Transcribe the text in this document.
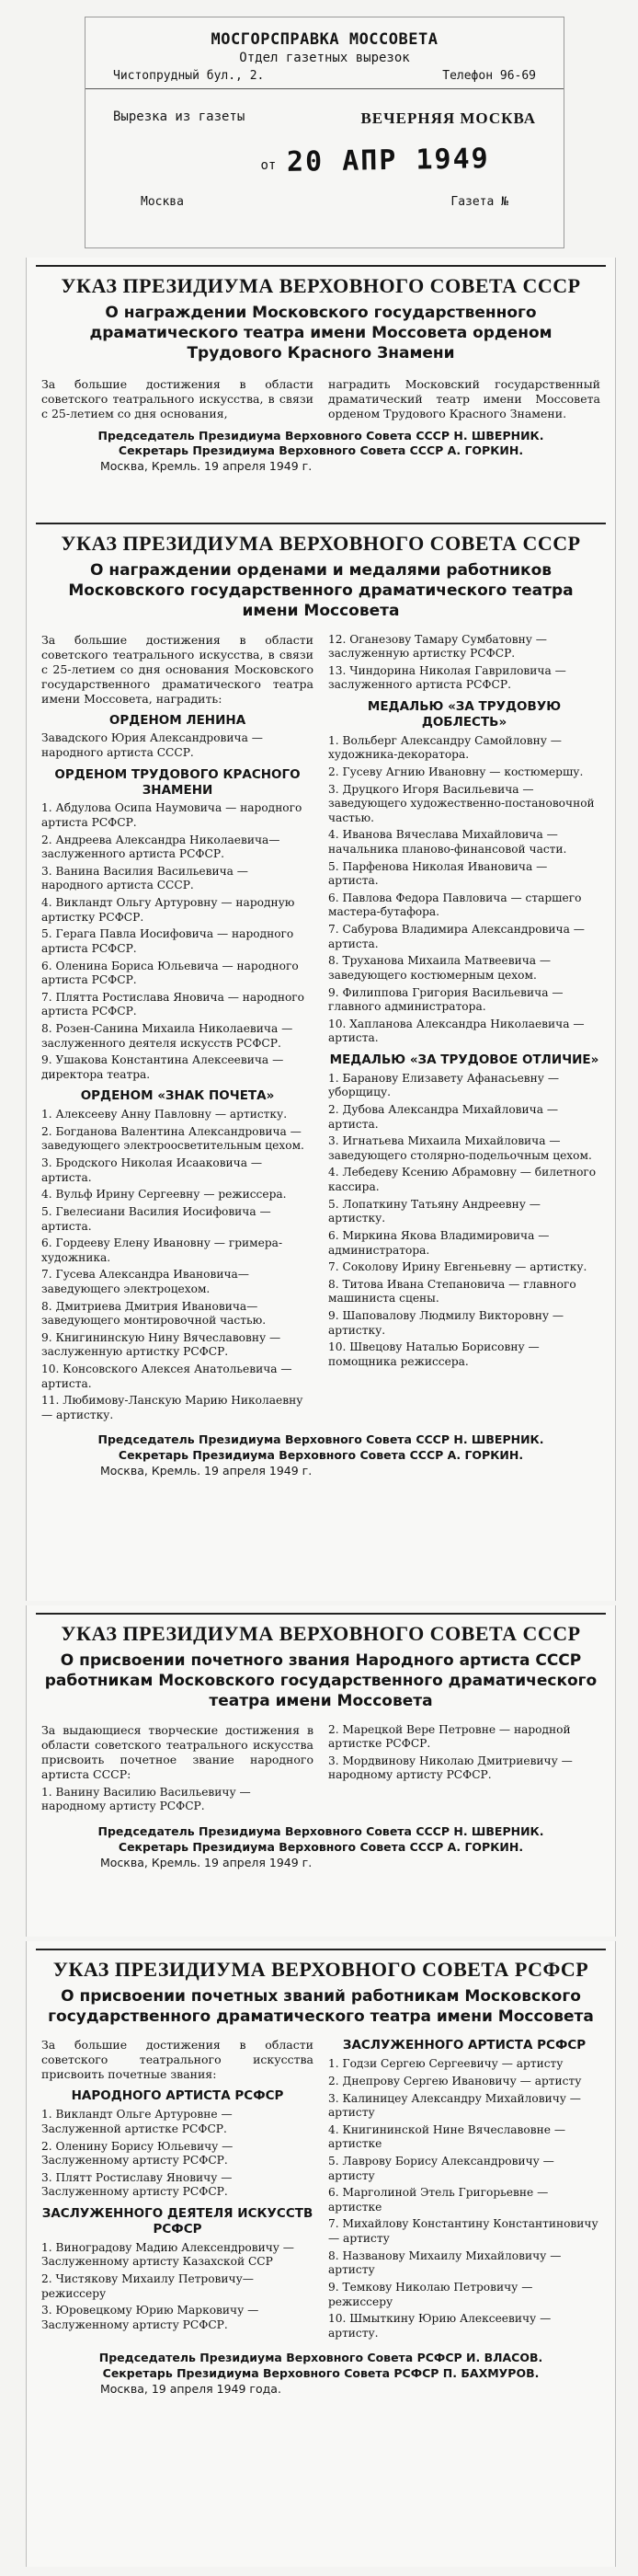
МОСГОРСПРАВКА МОССОВЕТА
Отдел газетных вырезок
Чистопрудный бул., 2.	Телефон 96-69
Вырезка из газеты	ВЕЧЕРНЯЯ МОСКВА
от 20 АПР 1949
Москва	Газета №
УКАЗ ПРЕЗИДИУМА ВЕРХОВНОГО СОВЕТА СССР
О награждении Московского государственного драматического театра имени Моссовета орденом Трудового Красного Знамени
За большие достижения в области советского театрального искусства, в связи с 25-летием со дня основания,
наградить Московский государственный драматический театр имени Моссовета орденом Трудового Красного Знамени.
Председатель Президиума Верховного Совета СССР Н. ШВЕРНИК.
Секретарь Президиума Верховного Совета СССР А. ГОРКИН.
Москва, Кремль. 19 апреля 1949 г.
УКАЗ ПРЕЗИДИУМА ВЕРХОВНОГО СОВЕТА СССР
О награждении орденами и медалями работников Московского государственного драматического театра имени Моссовета
За большие достижения в области советского театрального искусства, в связи с 25-летием со дня основания Московского государственного драматического театра имени Моссовета, наградить:
ОРДЕНОМ ЛЕНИНА
Завадского Юрия Александровича — народного артиста СССР.
ОРДЕНОМ ТРУДОВОГО КРАСНОГО ЗНАМЕНИ
1. Абдулова Осипа Наумовича — народного артиста РСФСР.
2. Андреева Александра Николаевича—заслуженного артиста РСФСР.
3. Ванина Василия Васильевича — народного артиста СССР.
4. Викландт Ольгу Артуровну — народную артистку РСФСР.
5. Герага Павла Иосифовича — народного артиста РСФСР.
6. Оленина Бориса Юльевича — народного артиста РСФСР.
7. Плятта Ростислава Яновича — народного артиста РСФСР.
8. Розен-Санина Михаила Николаевича — заслуженного деятеля искусств РСФСР.
9. Ушакова Константина Алексеевича — директора театра.
ОРДЕНОМ «ЗНАК ПОЧЕТА»
1. Алексееву Анну Павловну — артистку.
2. Богданова Валентина Александровича — заведующего электроосветительным цехом.
3. Бродского Николая Исааковича — артиста.
4. Вульф Ирину Сергеевну — режиссера.
5. Гвелесиани Василия Иосифовича — артиста.
6. Гордееву Елену Ивановну — гримера-художника.
7. Гусева Александра Ивановича—заведующего электроцехом.
8. Дмитриева Дмитрия Ивановича—заведующего монтировочной частью.
9. Книгининскую Нину Вячеславовну — заслуженную артистку РСФСР.
10. Консовского Алексея Анатольевича — артиста.
11. Любимову-Ланскую Марию Николаевну — артистку.
12. Оганезову Тамару Сумбатовну — заслуженную артистку РСФСР.
13. Чиндорина Николая Гавриловича — заслуженного артиста РСФСР.
МЕДАЛЬЮ «ЗА ТРУДОВУЮ ДОБЛЕСТЬ»
1. Вольберг Александру Самойловну — художника-декоратора.
2. Гусеву Агнию Ивановну — костюмершу.
3. Друцкого Игоря Васильевича — заведующего художественно-постановочной частью.
4. Иванова Вячеслава Михайловича — начальника планово-финансовой части.
5. Парфенова Николая Ивановича — артиста.
6. Павлова Федора Павловича — старшего мастера-бутафора.
7. Сабурова Владимира Александровича — артиста.
8. Труханова Михаила Матвеевича — заведующего костюмерным цехом.
9. Филиппова Григория Васильевича — главного администратора.
10. Хапланова Александра Николаевича — артиста.
МЕДАЛЬЮ «ЗА ТРУДОВОЕ ОТЛИЧИЕ»
1. Баранову Елизавету Афанасьевну — уборщицу.
2. Дубова Александра Михайловича — артиста.
3. Игнатьева Михаила Михайловича — заведующего столярно-подельочным цехом.
4. Лебедеву Ксению Абрамовну — билетного кассира.
5. Лопаткину Татьяну Андреевну — артистку.
6. Миркина Якова Владимировича — администратора.
7. Соколову Ирину Евгеньевну — артистку.
8. Титова Ивана Степановича — главного машиниста сцены.
9. Шаповалову Людмилу Викторовну — артистку.
10. Швецову Наталью Борисовну — помощника режиссера.
Председатель Президиума Верховного Совета СССР Н. ШВЕРНИК.
Секретарь Президиума Верховного Совета СССР А. ГОРКИН.
Москва, Кремль. 19 апреля 1949 г.
УКАЗ ПРЕЗИДИУМА ВЕРХОВНОГО СОВЕТА СССР
О присвоении почетного звания Народного артиста СССР работникам Московского государственного драматического театра имени Моссовета
За выдающиеся творческие достижения в области советского театрального искусства присвоить почетное звание народного артиста СССР:
1. Ванину Василию Васильевичу — народному артисту РСФСР.
2. Марецкой Вере Петровне — народной артистке РСФСР.
3. Мордвинову Николаю Дмитриевичу — народному артисту РСФСР.
Председатель Президиума Верховного Совета СССР Н. ШВЕРНИК.
Секретарь Президиума Верховного Совета СССР А. ГОРКИН.
Москва, Кремль. 19 апреля 1949 г.
УКАЗ ПРЕЗИДИУМА ВЕРХОВНОГО СОВЕТА РСФСР
О присвоении почетных званий работникам Московского государственного драматического театра имени Моссовета
За большие достижения в области советского театрального искусства присвоить почетные звания:
НАРОДНОГО АРТИСТА РСФСР
1. Викландт Ольге Артуровне — Заслуженной артистке РСФСР.
2. Оленину Борису Юльевичу — Заслуженному артисту РСФСР.
3. Плятт Ростиславу Яновичу — Заслуженному артисту РСФСР.
ЗАСЛУЖЕННОГО ДЕЯТЕЛЯ ИСКУССТВ РСФСР
1. Виноградову Мадию Алексендровичу — Заслуженному артисту Казахской ССР
2. Чистякову Михаилу Петровичу—режиссеру
3. Юровецкому Юрию Марковичу — Заслуженному артисту РСФСР.
ЗАСЛУЖЕННОГО АРТИСТА РСФСР
1. Годзи Сергею Сергеевичу — артисту
2. Днепрову Сергею Ивановичу — артисту
3. Калиницеу Александру Михайловичу — артисту
4. Книгининской Нине Вячеславовне — артистке
5. Лаврову Борису Александровичу — артисту
6. Марголиной Этель Григорьевне — артистке
7. Михайлову Константину Константиновичу — артисту
8. Названову Михаилу Михайловичу — артисту
9. Темкову Николаю Петровичу — режиссеру
10. Шмыткину Юрию Алексеевичу — артисту.
Председатель Президиума Верховного Совета РСФСР И. ВЛАСОВ.
Секретарь Президиума Верховного Совета РСФСР П. БАХМУРОВ.
Москва, 19 апреля 1949 года.
